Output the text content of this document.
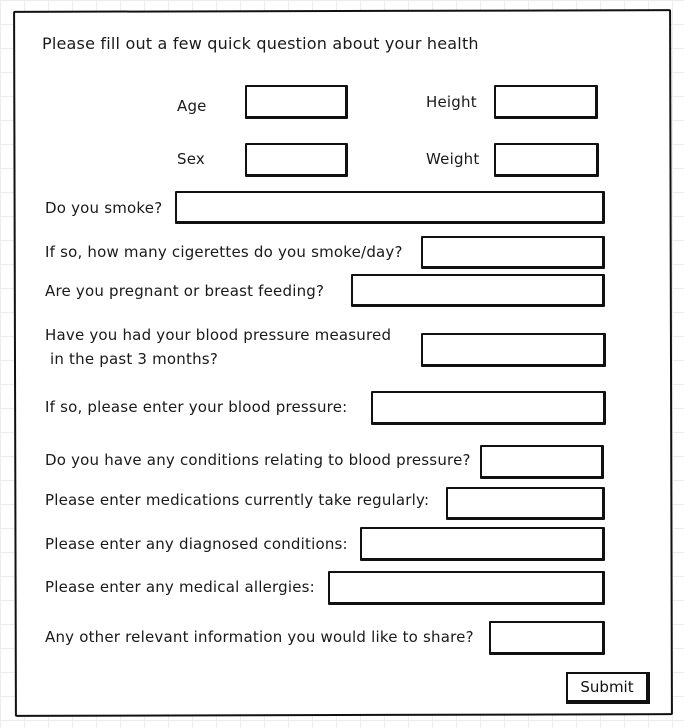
Please fill out a few quick question about your health
Age	Height
Sex	Weight
Do you smoke?
If so, how many cigerettes do you smoke/day?
Are you pregnant or breast feeding?
Have you had your blood pressure measured
in the past 3 months?
If so, please enter your blood pressure:
Do you have any conditions relating to blood pressure?
Please enter medications currently take regularly:
Please enter any diagnosed conditions:
Please enter any medical allergies:
Any other relevant information you would like to share?
Submit
